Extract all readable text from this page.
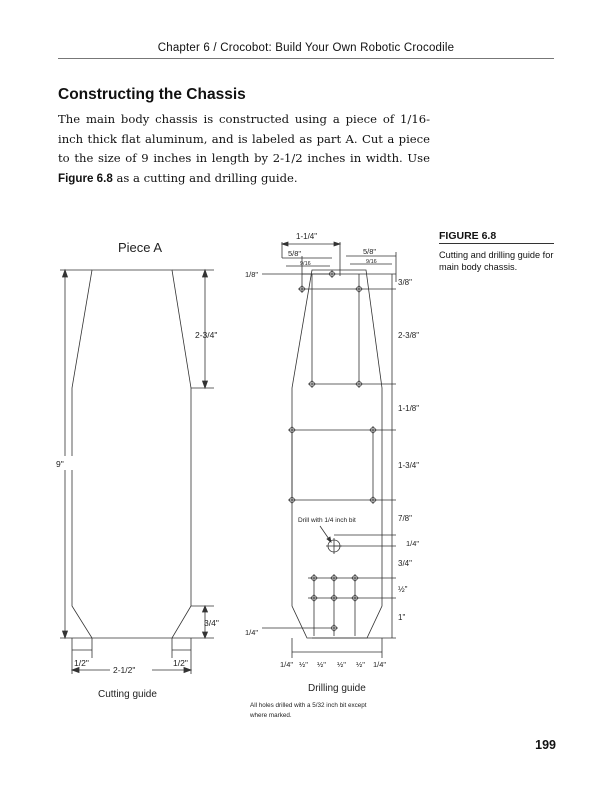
Chapter 6 / Crocobot: Build Your Own Robotic Crocodile
Constructing the Chassis

The main body chassis is constructed using a piece of 1/16-inch thick flat aluminum, and is labeled as part A. Cut a piece to the size of 9 inches in length by 2-1/2 inches in width. Use Figure 6.8 as a cutting and drilling guide.

FIGURE 6.8

Cutting and drilling guide for main body chassis.

Piece A
9"
2-3/4"
3/4"
1/2"	1/2"
2-1/2"
Cutting guide
1-1/4"
5/8"
9/16
5/8"
9/16
1/8"
3/8"
2-3/8"
1-1/8"
1-3/4"
7/8"
1/4"
3/4"
½"
1"
Drill with 1/4 inch bit
1/4"
1/4" ½" ½" ½" ½" 1/4"
Drilling guide
All holes drilled with a 5/32 inch bit except
where marked.
199
